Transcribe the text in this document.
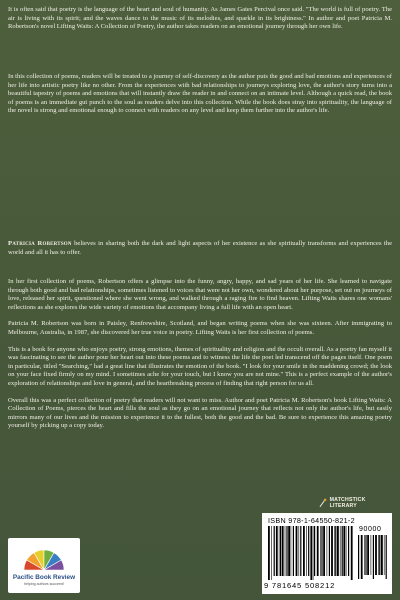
It is often said that poetry is the language of the heart and soul of humanity. As James Gates Percival once said. "The world is full of poetry. The air is living with its spirit; and the waves dance to the music of its melodies, and sparkle in its brightness." In author and poet Patricia M. Robertson's novel Lifting Waits: A Collection of Poetry, the author takes readers on an emotional journey through her own life.

In this collection of poems, readers will be treated to a journey of self-discovery as the author puts the good and bad emotions and experiences of her life into artistic poetry like no other. From the experiences with bad relationships to journeys exploring love, the author's story turns into a beautiful tapestry of poems and emotions that will instantly draw the reader in and connect on an intimate level. Although a quick read, the book of poems is an immediate gut punch to the soul as readers delve into this collection. While the book does stray into spirituality, the language of the novel is strong and emotional enough to connect with readers on any level and keep them further into the author's life.

Patricia Robertson believes in sharing both the dark and light aspects of her existence as she spiritually transforms and experiences the world and all it has to offer.

In her first collection of poems, Robertson offers a glimpse into the funny, angry, happy, and sad years of her life. She learned to navigate through both good and bad relationships, sometimes listened to voices that were not her own, wondered about her purpose, set out on journeys of love, released her spirit, questioned where she went wrong, and walked through a raging fire to find heaven. Lifting Waits shares one womans' reflections as she explores the wide variety of emotions that accompany living a full life with an open heart.

Patricia M. Robertson was born in Paisley, Renfrewshire, Scotland, and began writing poems when she was sixteen. After immigrating to Melbourne, Australia, in 1987, she discovered her true voice in poetry. Lifting Waits is her first collection of poems.

This is a book for anyone who enjoys poetry, strong emotions, themes of spirituality and religion and the occult overall. As a poetry fan myself it was fascinating to see the author pour her heart out into these poems and to witness the life the poet led transcend off the pages itself. One poem in particular, titled "Searching," had a great line that illustrates the emotion of the book. "I look for your smile in the maddening crowd; the look on your face fixed firmly on my mind. I sometimes ache for your touch, but I know you are not mine." This is a perfect example of the author's exploration of relationships and love in general, and the heartbreaking process of finding that right person for us all.

Overall this was a perfect collection of poetry that readers will not want to miss. Author and poet Patricia M. Robertson's book Lifting Waits: A Collection of Poems, pierces the heart and fills the soul as they go on an emotional journey that reflects not only the author's life, but easily mirrors many of our lives and the mission to experience it to the fullest, both the good and the bad. Be sure to experience this amazing poetry yourself by picking up a copy today.

Pacific Book Review
helping authors succeed!
MATCHSTICK LITERARY
ISBN 978-1-64550-821-2
90000
9 781645 508212
